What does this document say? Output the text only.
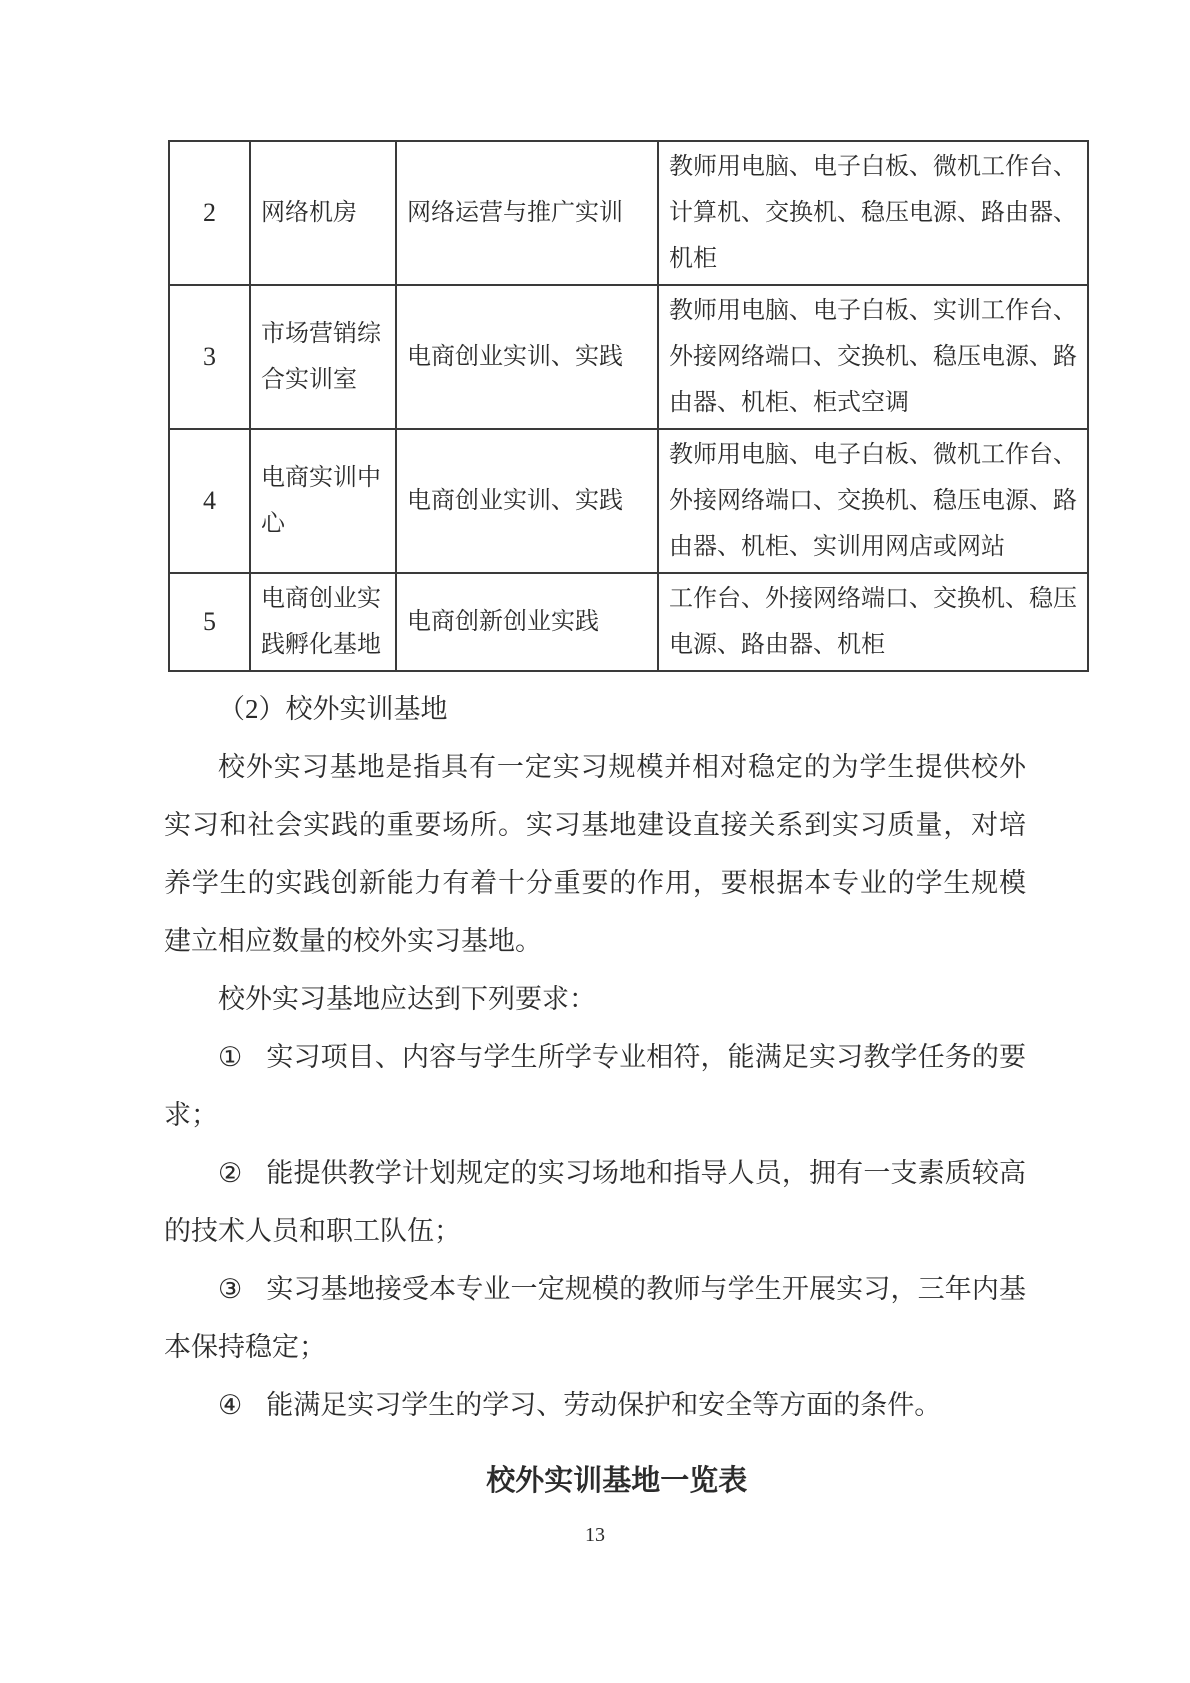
2	网络机房	网络运营与推广实训	教师用电脑、电子白板、微机工作台、计算机、交换机、稳压电源、路由器、机柜
3	市场营销综合实训室	电商创业实训、实践	教师用电脑、电子白板、实训工作台、外接网络端口、交换机、稳压电源、路由器、机柜、柜式空调
4	电商实训中心	电商创业实训、实践	教师用电脑、电子白板、微机工作台、外接网络端口、交换机、稳压电源、路由器、机柜、实训用网店或网站
5	电商创业实践孵化基地	电商创新创业实践	工作台、外接网络端口、交换机、稳压电源、路由器、机柜

（2）校外实训基地

校外实习基地是指具有一定实习规模并相对稳定的为学生提供校外实习和社会实践的重要场所。实习基地建设直接关系到实习质量，对培养学生的实践创新能力有着十分重要的作用，要根据本专业的学生规模建立相应数量的校外实习基地。

校外实习基地应达到下列要求：

① 实习项目、内容与学生所学专业相符，能满足实习教学任务的要求；

② 能提供教学计划规定的实习场地和指导人员，拥有一支素质较高的技术人员和职工队伍；

③ 实习基地接受本专业一定规模的教师与学生开展实习，三年内基本保持稳定；

④ 能满足实习学生的学习、劳动保护和安全等方面的条件。

校外实训基地一览表
13
